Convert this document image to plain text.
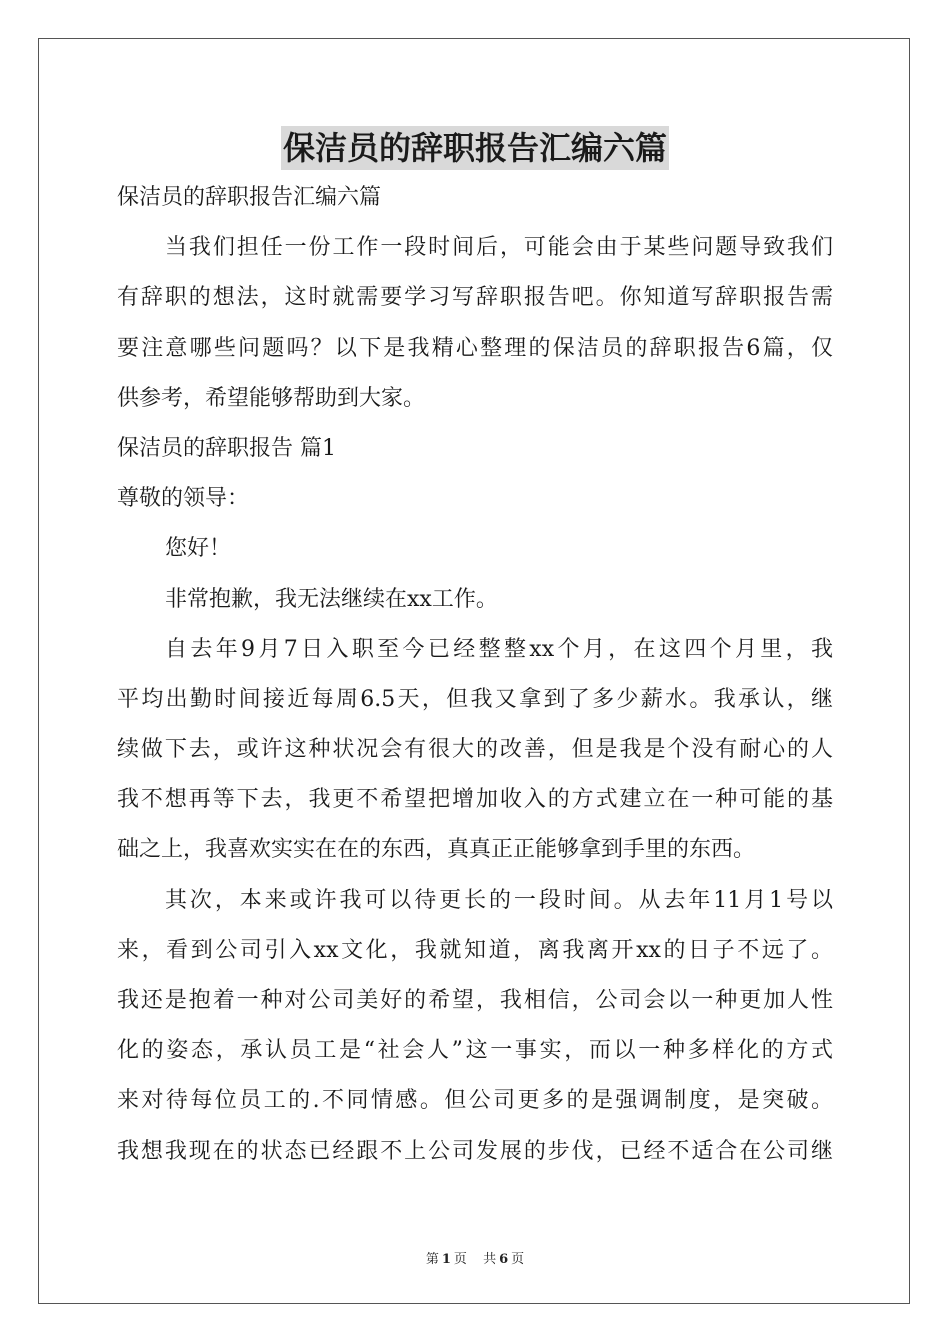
保洁员的辞职报告汇编六篇
保洁员的辞职报告汇编六篇
当我们担任一份工作一段时间后，可能会由于某些问题导致我们
有辞职的想法，这时就需要学习写辞职报告吧。你知道写辞职报告需
要注意哪些问题吗？以下是我精心整理的保洁员的辞职报告6篇，仅
供参考，希望能够帮助到大家。
保洁员的辞职报告 篇1
尊敬的领导：
您好！
非常抱歉，我无法继续在xx工作。
自去年9月7日入职至今已经整整xx个月，在这四个月里，我
平均出勤时间接近每周6.5天，但我又拿到了多少薪水。我承认，继
续做下去，或许这种状况会有很大的改善，但是我是个没有耐心的人
我不想再等下去，我更不希望把增加收入的方式建立在一种可能的基
础之上，我喜欢实实在在的东西，真真正正能够拿到手里的东西。
其次，本来或许我可以待更长的一段时间。从去年11月1号以
来，看到公司引入xx文化，我就知道，离我离开xx的日子不远了。
我还是抱着一种对公司美好的希望，我相信，公司会以一种更加人性
化的姿态，承认员工是“社会人”这一事实，而以一种多样化的方式
来对待每位员工的.不同情感。但公司更多的是强调制度，是突破。
我想我现在的状态已经跟不上公司发展的步伐，已经不适合在公司继
第 1 页 共 6 页
